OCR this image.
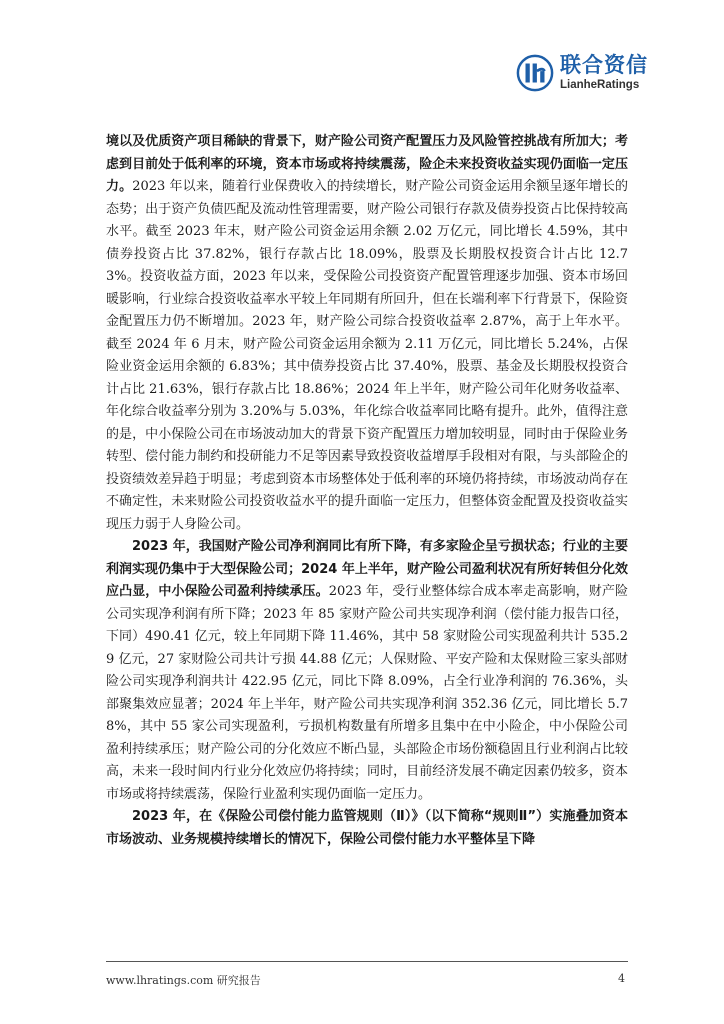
联合资信
LianheRatings

境以及优质资产项目稀缺的背景下，财产险公司资产配置压力及风险管控挑战有所加大；考虑到目前处于低利率的环境，资本市场或将持续震荡，险企未来投资收益实现仍面临一定压力。2023 年以来，随着行业保费收入的持续增长，财产险公司资金运用余额呈逐年增长的态势；出于资产负债匹配及流动性管理需要，财产险公司银行存款及债券投资占比保持较高水平。截至 2023 年末，财产险公司资金运用余额 2.02 万亿元，同比增长 4.59%，其中债券投资占比 37.82%，银行存款占比 18.09%，股票及长期股权投资合计占比 12.73%。投资收益方面，2023 年以来，受保险公司投资资产配置管理逐步加强、资本市场回暖影响，行业综合投资收益率水平较上年同期有所回升，但在长端利率下行背景下，保险资金配置压力仍不断增加。2023 年，财产险公司综合投资收益率 2.87%，高于上年水平。截至 2024 年 6 月末，财产险公司资金运用余额为 2.11 万亿元，同比增长 5.24%，占保险业资金运用余额的 6.83%；其中债券投资占比 37.40%，股票、基金及长期股权投资合计占比 21.63%，银行存款占比 18.86%；2024 年上半年，财产险公司年化财务收益率、年化综合收益率分别为 3.20%与 5.03%，年化综合收益率同比略有提升。此外，值得注意的是，中小保险公司在市场波动加大的背景下资产配置压力增加较明显，同时由于保险业务转型、偿付能力制约和投研能力不足等因素导致投资收益增厚手段相对有限，与头部险企的投资绩效差异趋于明显；考虑到资本市场整体处于低利率的环境仍将持续，市场波动尚存在不确定性，未来财险公司投资收益水平的提升面临一定压力，但整体资金配置及投资收益实现压力弱于人身险公司。

2023 年，我国财产险公司净利润同比有所下降，有多家险企呈亏损状态；行业的主要利润实现仍集中于大型保险公司；2024 年上半年，财产险公司盈利状况有所好转但分化效应凸显，中小保险公司盈利持续承压。2023 年，受行业整体综合成本率走高影响，财产险公司实现净利润有所下降；2023 年 85 家财产险公司共实现净利润（偿付能力报告口径，下同）490.41 亿元，较上年同期下降 11.46%，其中 58 家财险公司实现盈利共计 535.29 亿元，27 家财险公司共计亏损 44.88 亿元；人保财险、平安产险和太保财险三家头部财险公司实现净利润共计 422.95 亿元，同比下降 8.09%，占全行业净利润的 76.36%，头部聚集效应显著；2024 年上半年，财产险公司共实现净利润 352.36 亿元，同比增长 5.78%，其中 55 家公司实现盈利，亏损机构数量有所增多且集中在中小险企，中小保险公司盈利持续承压；财产险公司的分化效应不断凸显，头部险企市场份额稳固且行业利润占比较高，未来一段时间内行业分化效应仍将持续；同时，目前经济发展不确定因素仍较多，资本市场或将持续震荡，保险行业盈利实现仍面临一定压力。

2023 年，在《保险公司偿付能力监管规则（Ⅱ）》（以下简称“规则Ⅱ”）实施叠加资本市场波动、业务规模持续增长的情况下，保险公司偿付能力水平整体呈下降

www.lhratings.com 研究报告	4
